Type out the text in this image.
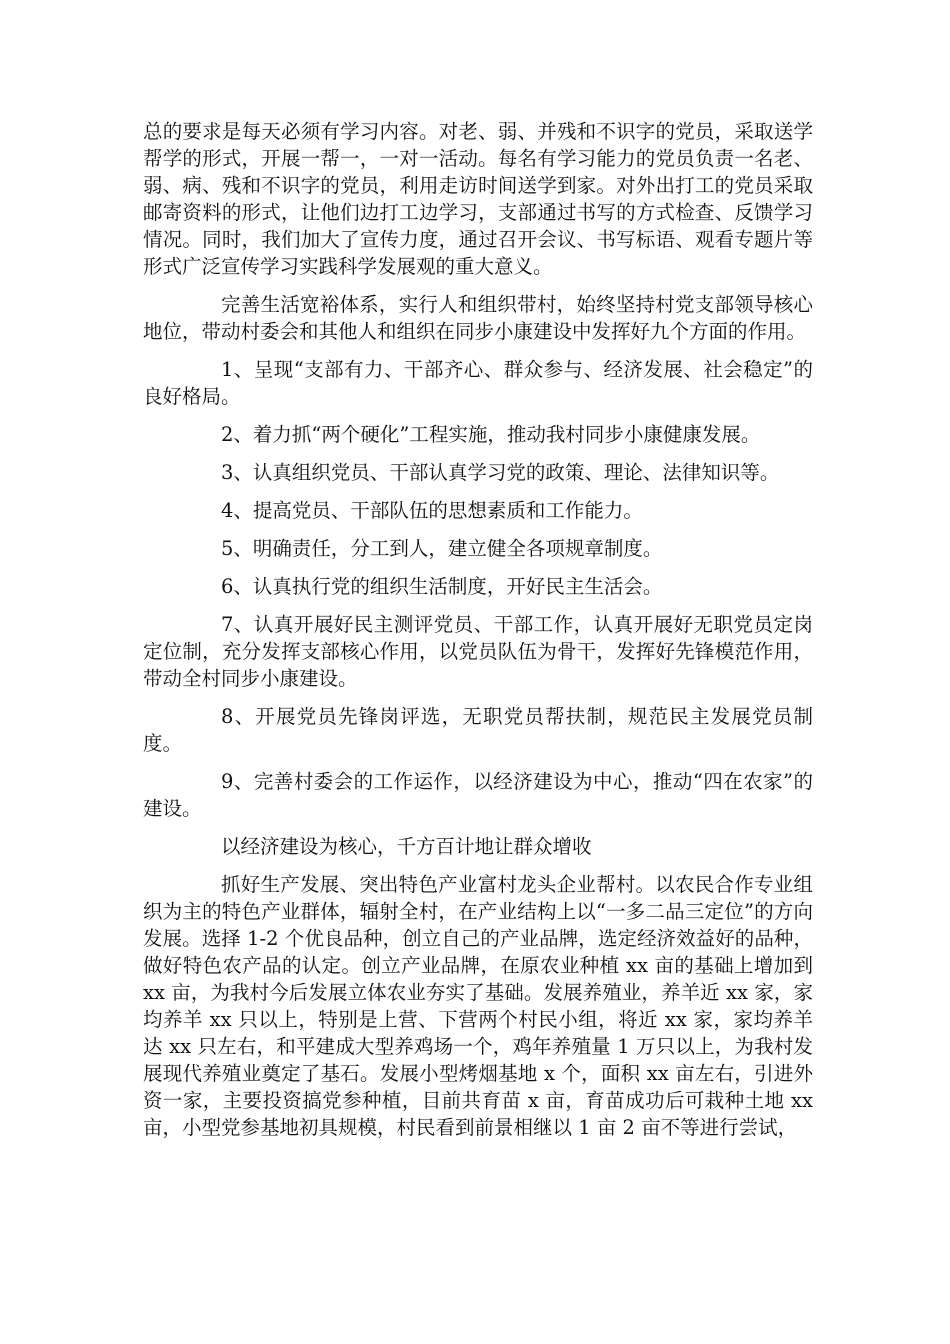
总的要求是每天必须有学习内容。对老、弱、并残和不识字的党员，采取送学帮学的形式，开展一帮一，一对一活动。每名有学习能力的党员负责一名老、弱、病、残和不识字的党员，利用走访时间送学到家。对外出打工的党员采取邮寄资料的形式，让他们边打工边学习，支部通过书写的方式检查、反馈学习情况。同时，我们加大了宣传力度，通过召开会议、书写标语、观看专题片等形式广泛宣传学习实践科学发展观的重大意义。

完善生活宽裕体系，实行人和组织带村，始终坚持村党支部领导核心地位，带动村委会和其他人和组织在同步小康建设中发挥好九个方面的作用。

1、呈现“支部有力、干部齐心、群众参与、经济发展、社会稳定”的良好格局。

2、着力抓“两个硬化”工程实施，推动我村同步小康健康发展。

3、认真组织党员、干部认真学习党的政策、理论、法律知识等。

4、提高党员、干部队伍的思想素质和工作能力。

5、明确责任，分工到人，建立健全各项规章制度。

6、认真执行党的组织生活制度，开好民主生活会。

7、认真开展好民主测评党员、干部工作，认真开展好无职党员定岗定位制，充分发挥支部核心作用，以党员队伍为骨干，发挥好先锋模范作用，带动全村同步小康建设。

8、开展党员先锋岗评选，无职党员帮扶制，规范民主发展党员制度。

9、完善村委会的工作运作，以经济建设为中心，推动“四在农家”的建设。

以经济建设为核心，千方百计地让群众增收

抓好生产发展、突出特色产业富村龙头企业帮村。以农民合作专业组织为主的特色产业群体，辐射全村，在产业结构上以“一多二品三定位”的方向发展。选择 1-2 个优良品种，创立自己的产业品牌，选定经济效益好的品种，做好特色农产品的认定。创立产业品牌，在原农业种植 xx 亩的基础上增加到 xx 亩，为我村今后发展立体农业夯实了基础。发展养殖业，养羊近 xx 家，家均养羊 xx 只以上，特别是上营、下营两个村民小组，将近 xx 家，家均养羊达 xx 只左右，和平建成大型养鸡场一个，鸡年养殖量 1 万只以上，为我村发展现代养殖业奠定了基石。发展小型烤烟基地 x 个，面积 xx 亩左右，引进外资一家，主要投资搞党参种植，目前共育苗 x 亩，育苗成功后可栽种土地 xx 亩，小型党参基地初具规模，村民看到前景相继以 1 亩 2 亩不等进行尝试，
